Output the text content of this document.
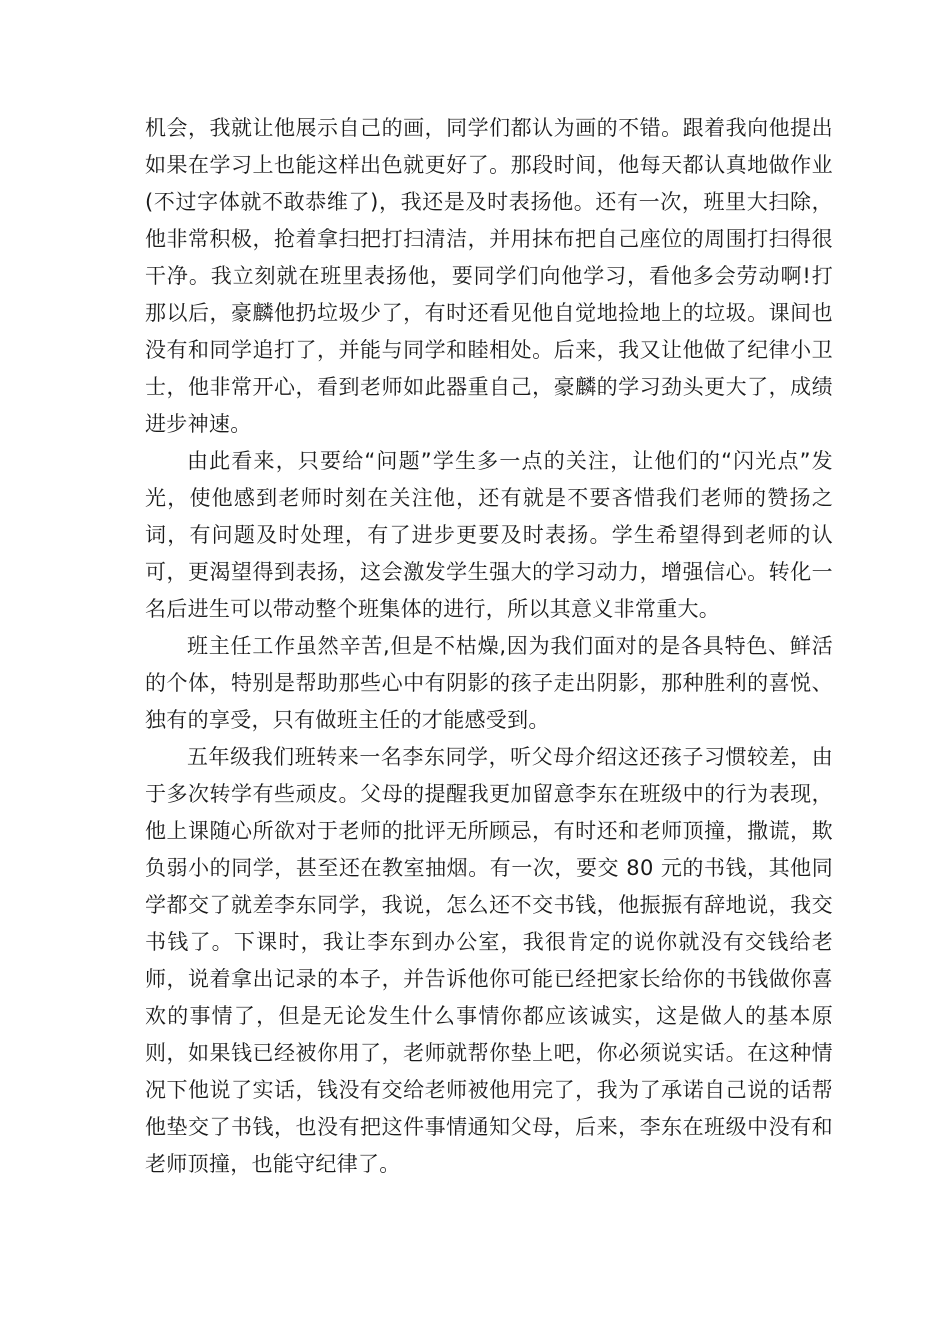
机会，我就让他展示自己的画，同学们都认为画的不错。跟着我向他提出如果在学习上也能这样出色就更好了。那段时间，他每天都认真地做作业(不过字体就不敢恭维了)，我还是及时表扬他。还有一次，班里大扫除，他非常积极，抢着拿扫把打扫清洁，并用抹布把自己座位的周围打扫得很干净。我立刻就在班里表扬他，要同学们向他学习，看他多会劳动啊!打那以后，豪麟他扔垃圾少了，有时还看见他自觉地捡地上的垃圾。课间也没有和同学追打了，并能与同学和睦相处。后来，我又让他做了纪律小卫士，他非常开心，看到老师如此器重自己，豪麟的学习劲头更大了，成绩进步神速。

由此看来，只要给“问题”学生多一点的关注，让他们的“闪光点”发光，使他感到老师时刻在关注他，还有就是不要吝惜我们老师的赞扬之词，有问题及时处理，有了进步更要及时表扬。学生希望得到老师的认可，更渴望得到表扬，这会激发学生强大的学习动力，增强信心。转化一名后进生可以带动整个班集体的进行，所以其意义非常重大。

班主任工作虽然辛苦,但是不枯燥,因为我们面对的是各具特色、鲜活的个体，特别是帮助那些心中有阴影的孩子走出阴影，那种胜利的喜悦、独有的享受，只有做班主任的才能感受到。

五年级我们班转来一名李东同学，听父母介绍这还孩子习惯较差，由于多次转学有些顽皮。父母的提醒我更加留意李东在班级中的行为表现，他上课随心所欲对于老师的批评无所顾忌，有时还和老师顶撞，撒谎，欺负弱小的同学，甚至还在教室抽烟。有一次，要交 80 元的书钱，其他同学都交了就差李东同学，我说，怎么还不交书钱，他振振有辞地说，我交书钱了。下课时，我让李东到办公室，我很肯定的说你就没有交钱给老师，说着拿出记录的本子，并告诉他你可能已经把家长给你的书钱做你喜欢的事情了，但是无论发生什么事情你都应该诚实，这是做人的基本原则，如果钱已经被你用了，老师就帮你垫上吧，你必须说实话。在这种情况下他说了实话，钱没有交给老师被他用完了，我为了承诺自己说的话帮他垫交了书钱，也没有把这件事情通知父母，后来，李东在班级中没有和老师顶撞，也能守纪律了。
